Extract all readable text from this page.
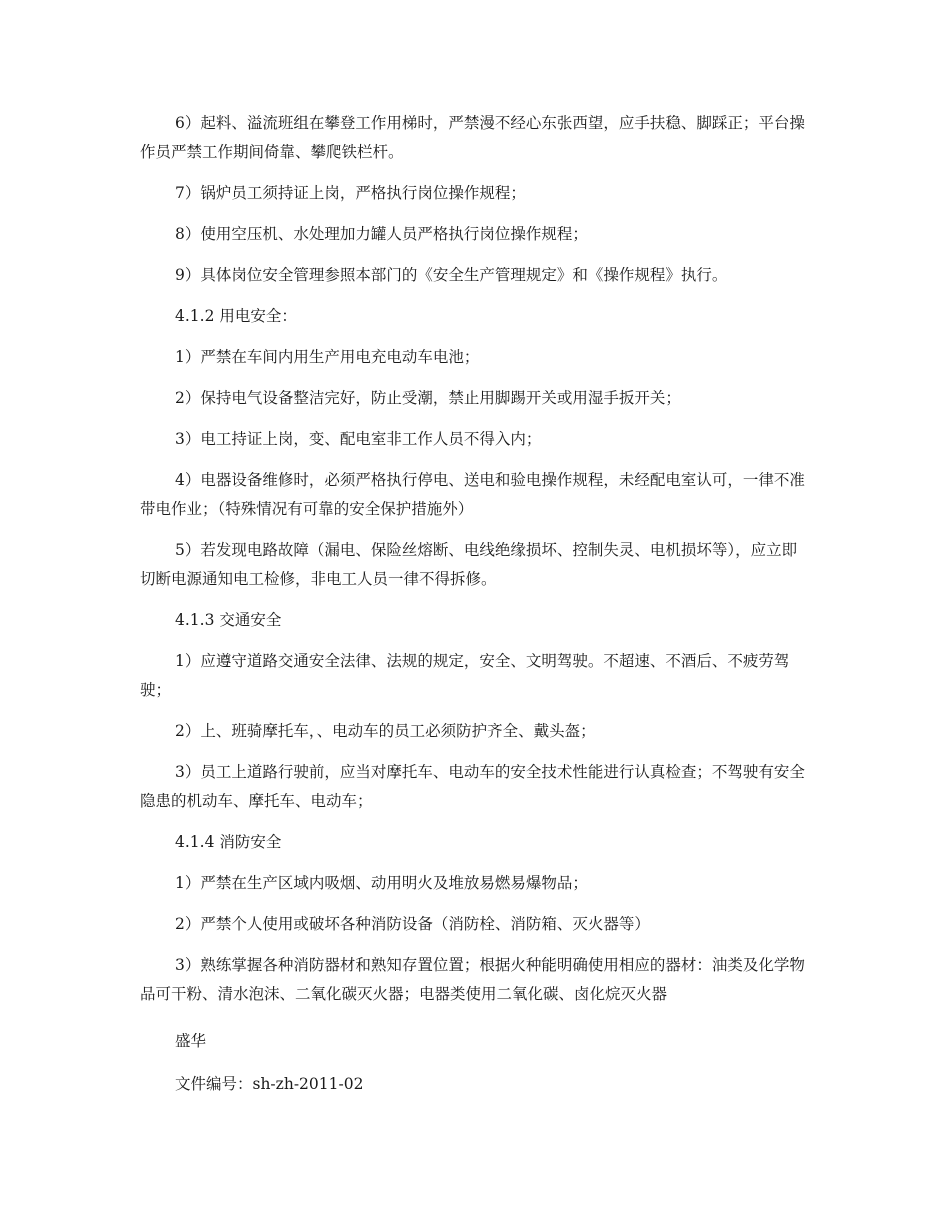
6）起料、溢流班组在攀登工作用梯时，严禁漫不经心东张西望，应手扶稳、脚踩正；平台操作员严禁工作期间倚靠、攀爬铁栏杆。

7）锅炉员工须持证上岗，严格执行岗位操作规程；

8）使用空压机、水处理加力罐人员严格执行岗位操作规程；

9）具体岗位安全管理参照本部门的《安全生产管理规定》和《操作规程》执行。

4.1.2 用电安全：

1）严禁在车间内用生产用电充电动车电池；

2）保持电气设备整洁完好，防止受潮，禁止用脚踢开关或用湿手扳开关；

3）电工持证上岗，变、配电室非工作人员不得入内；

4）电器设备维修时，必须严格执行停电、送电和验电操作规程，未经配电室认可，一律不准带电作业；（特殊情况有可靠的安全保护措施外）

5）若发现电路故障（漏电、保险丝熔断、电线绝缘损坏、控制失灵、电机损坏等），应立即切断电源通知电工检修，非电工人员一律不得拆修。

4.1.3 交通安全

1）应遵守道路交通安全法律、法规的规定，安全、文明驾驶。不超速、不酒后、不疲劳驾驶；

2）上、班骑摩托车，、电动车的员工必须防护齐全、戴头盔；

3）员工上道路行驶前，应当对摩托车、电动车的安全技术性能进行认真检查；不驾驶有安全隐患的机动车、摩托车、电动车；

4.1.4 消防安全

1）严禁在生产区域内吸烟、动用明火及堆放易燃易爆物品；

2）严禁个人使用或破坏各种消防设备（消防栓、消防箱、灭火器等）

3）熟练掌握各种消防器材和熟知存置位置；根据火种能明确使用相应的器材：油类及化学物品可干粉、清水泡沫、二氧化碳灭火器；电器类使用二氧化碳、卤化烷灭火器

盛华

文件编号：sh-zh-2011-02
